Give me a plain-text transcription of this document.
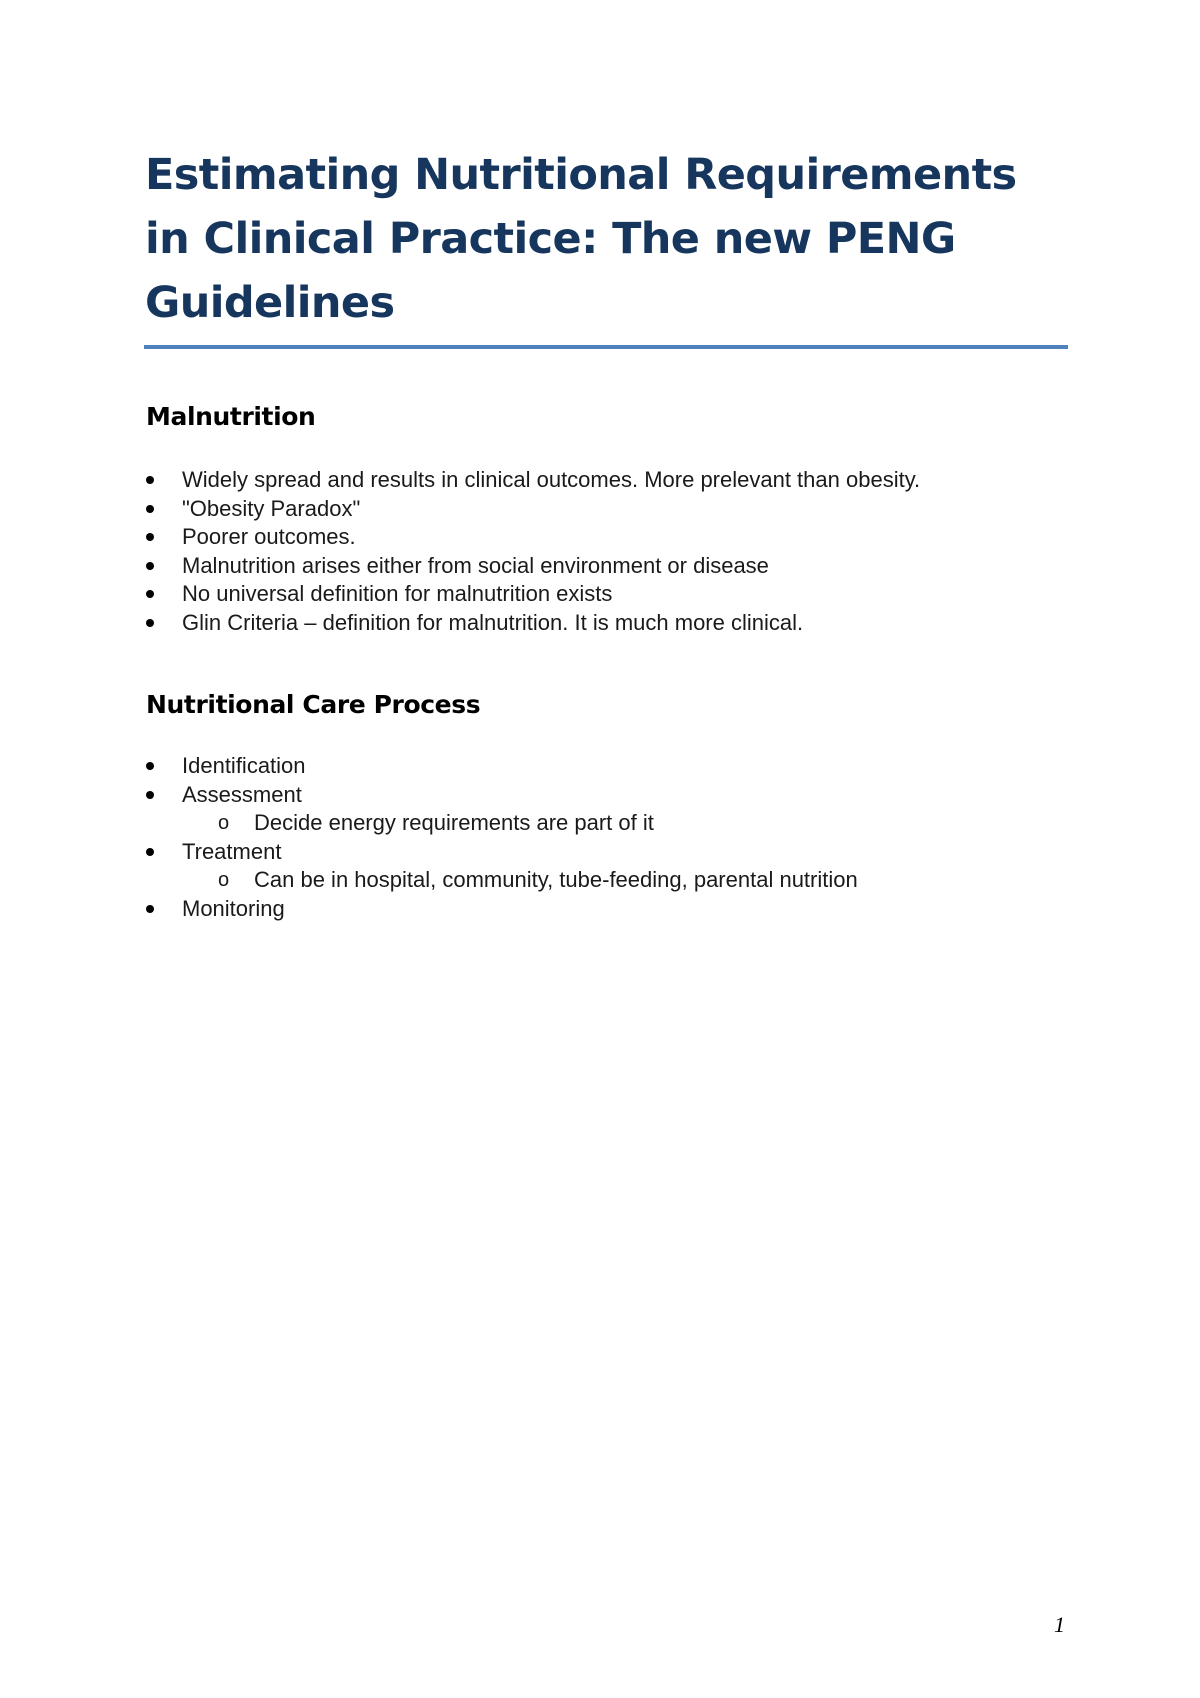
Estimating Nutritional Requirements in Clinical Practice: The new PENG Guidelines
Malnutrition
Widely spread and results in clinical outcomes. More prelevant than obesity.
"Obesity Paradox"
Poorer outcomes.
Malnutrition arises either from social environment or disease
No universal definition for malnutrition exists
Glin Criteria – definition for malnutrition. It is much more clinical.
Nutritional Care Process
Identification
Assessment
o Decide energy requirements are part of it
Treatment
o Can be in hospital, community, tube-feeding, parental nutrition
Monitoring
1
